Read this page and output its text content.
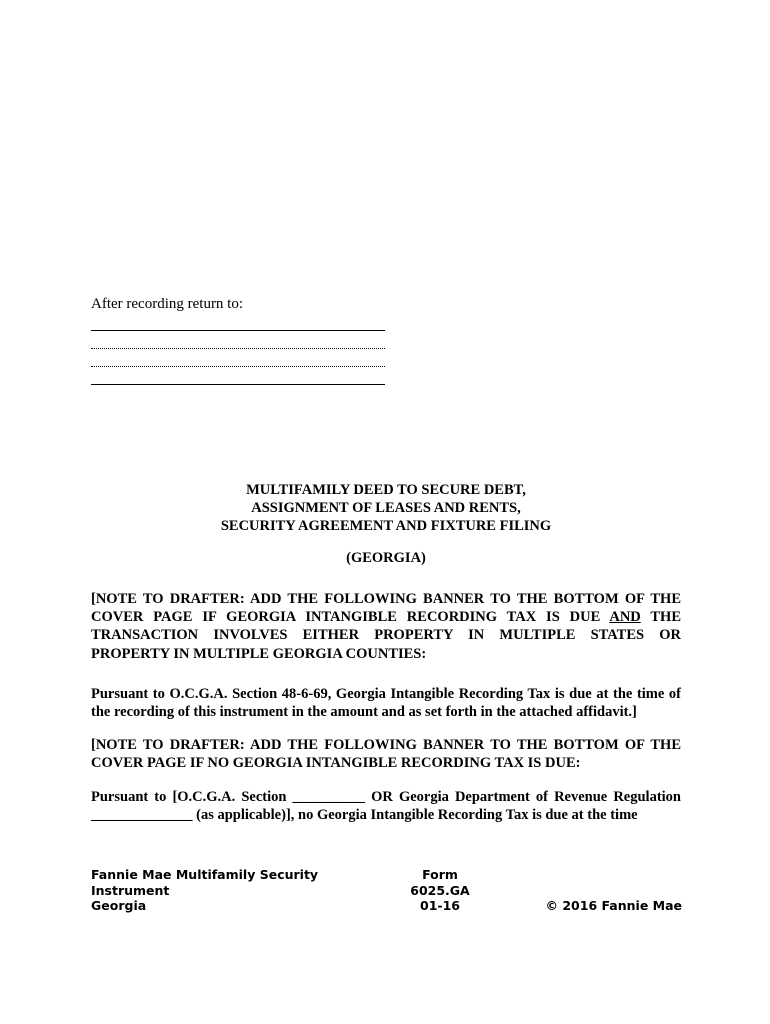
After recording return to:
MULTIFAMILY DEED TO SECURE DEBT,
ASSIGNMENT OF LEASES AND RENTS,
SECURITY AGREEMENT AND FIXTURE FILING
(GEORGIA)
[NOTE TO DRAFTER: ADD THE FOLLOWING BANNER TO THE BOTTOM OF THE COVER PAGE IF GEORGIA INTANGIBLE RECORDING TAX IS DUE AND THE TRANSACTION INVOLVES EITHER PROPERTY IN MULTIPLE STATES OR PROPERTY IN MULTIPLE GEORGIA COUNTIES:
Pursuant to O.C.G.A. Section 48-6-69, Georgia Intangible Recording Tax is due at the time of the recording of this instrument in the amount and as set forth in the attached affidavit.]
[NOTE TO DRAFTER: ADD THE FOLLOWING BANNER TO THE BOTTOM OF THE COVER PAGE IF NO GEORGIA INTANGIBLE RECORDING TAX IS DUE:
Pursuant to [O.C.G.A. Section __________ OR Georgia Department of Revenue Regulation ______________ (as applicable)], no Georgia Intangible Recording Tax is due at the time
Fannie Mae Multifamily Security
Instrument
Georgia
Form
6025.GA
01-16	© 2016 Fannie Mae
